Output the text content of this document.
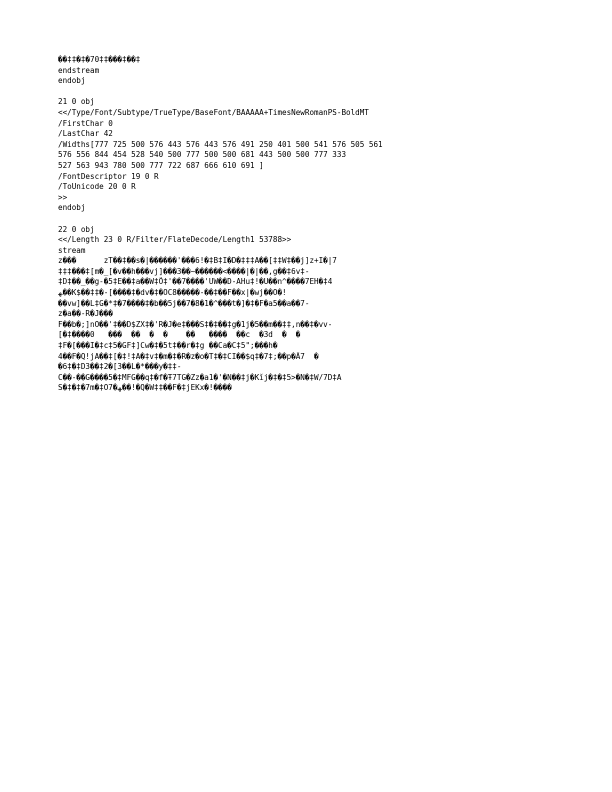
��‡‡�‡�70‡‡���‡��‡
endstream
endobj
21 0 obj
<</Type/Font/Subtype/TrueType/BaseFont/BAAAAA+TimesNewRomanPS-BoldMT
/FirstChar 0
/LastChar 42
/Widths[777 725 500 576 443 576 443 576 491 250 401 500 541 576 505 561
576 556 844 454 528 540 500 777 500 500 681 443 500 500 777 333
527 563 943 780 500 777 722 687 666 610 691 ]
/FontDescriptor 19 0 R
/ToUnicode 20 0 R
>>
endobj
22 0 obj
<</Length 23 0 R/Filter/FlateDecode/Length1 53788>>
stream
z���      zT��‡��s�|������'���6!�‡B‡I�D�‡‡‡A��[‡‡W‡��j]z+I�|7
‡‡‡���‡[m�_[�v��h���vj]���3��~������<����|�|��,g��‡6v‡-
‡D‡��_��g-�5‡E��‡a��W‡Õ‡'��7����'UW��D-AHu‡!�U��n^����7EH�‡4
ﻬ��K$��‡‡�-[����‡�dv�‡�OC8�����-��‡��F��x|�wj��O�!
��vw]��L‡G�*‡�7����‡�b��5j��7�8�1�^���t�]�‡�F�a5��a��7-
z�a��-R�J���
F��b�;]nO��'‡��D$ZX‡�'R�J�e‡���S‡�‡��‡g�1j�5��m��‡‡,n��‡�vv-
[�‡����0   ���  ��  �  �    ��   ����  ��c  �3d  �  �
‡F�[���I�‡c‡5�GF‡]Cw�‡�5t‡��r�‡g ��Ca�C‡5";���h�
4��F�Q!jA��‡[�‡!‡A�‡v‡�m�‡�R�z�o�T‡�‡CI��$q‡�7‡;��p�Ä7  �
�6‡�‡D3��‡2�[3��L�*���y�‡‡-
C��-��G����5�‡MFG��q‡�f�Ŧ7TG�Zz�a1�'�N��‡j�Kĭj�‡�‡5>�N�‡W/7D‡A
S�‡�‡�7m�‡O7�ﻬ��!�Q�W‡‡��F�‡jEKx�!����
